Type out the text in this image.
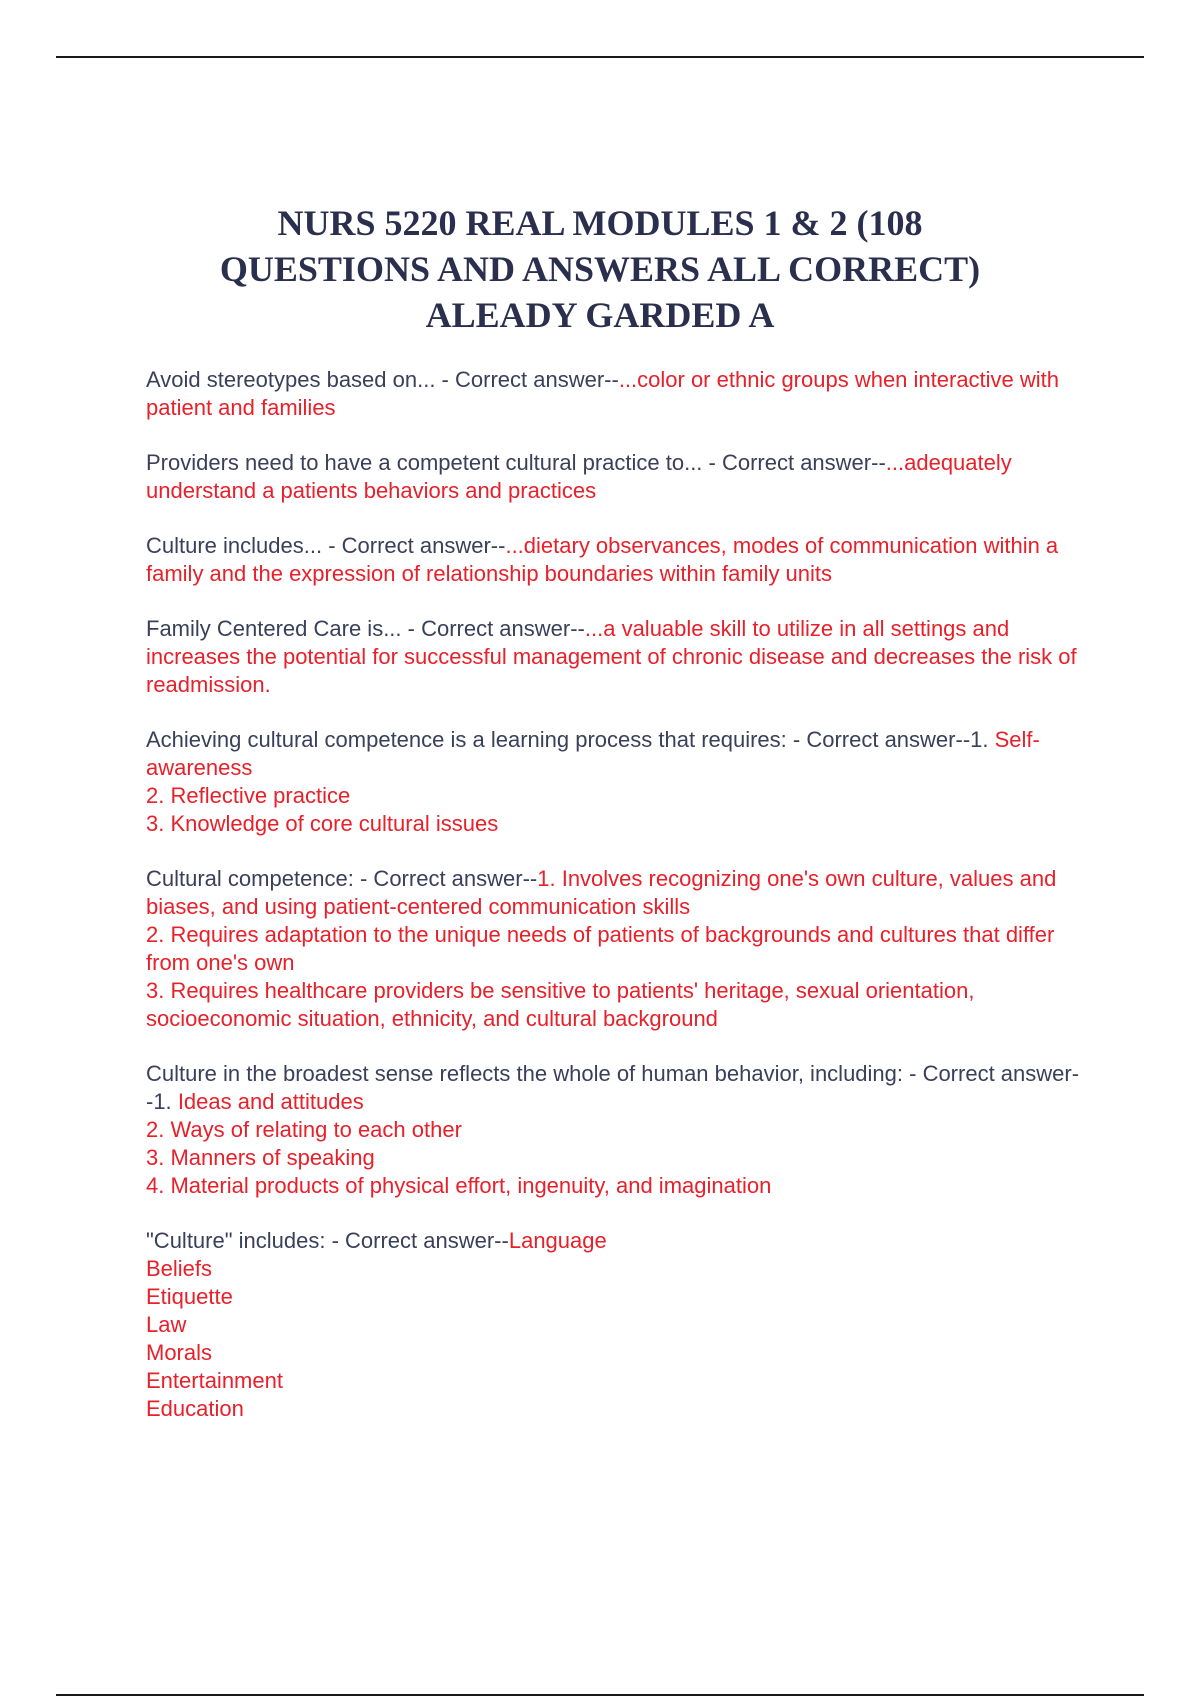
NURS 5220 REAL MODULES 1 & 2 (108
QUESTIONS AND ANSWERS ALL CORRECT)
ALEADY GARDED A

Avoid stereotypes based on... - Correct answer--...color or ethnic groups when interactive with patient and families

Providers need to have a competent cultural practice to... - Correct answer--...adequately understand a patients behaviors and practices

Culture includes... - Correct answer--...dietary observances, modes of communication within a family and the expression of relationship boundaries within family units

Family Centered Care is... - Correct answer--...a valuable skill to utilize in all settings and increases the potential for successful management of chronic disease and decreases the risk of readmission.

Achieving cultural competence is a learning process that requires: - Correct answer--1. Self-awareness
2. Reflective practice
3. Knowledge of core cultural issues

Cultural competence: - Correct answer--1. Involves recognizing one's own culture, values and biases, and using patient-centered communication skills
2. Requires adaptation to the unique needs of patients of backgrounds and cultures that differ from one's own
3. Requires healthcare providers be sensitive to patients' heritage, sexual orientation, socioeconomic situation, ethnicity, and cultural background

Culture in the broadest sense reflects the whole of human behavior, including: - Correct answer--1. Ideas and attitudes
2. Ways of relating to each other
3. Manners of speaking
4. Material products of physical effort, ingenuity, and imagination

"Culture" includes: - Correct answer--Language
Beliefs
Etiquette
Law
Morals
Entertainment
Education
